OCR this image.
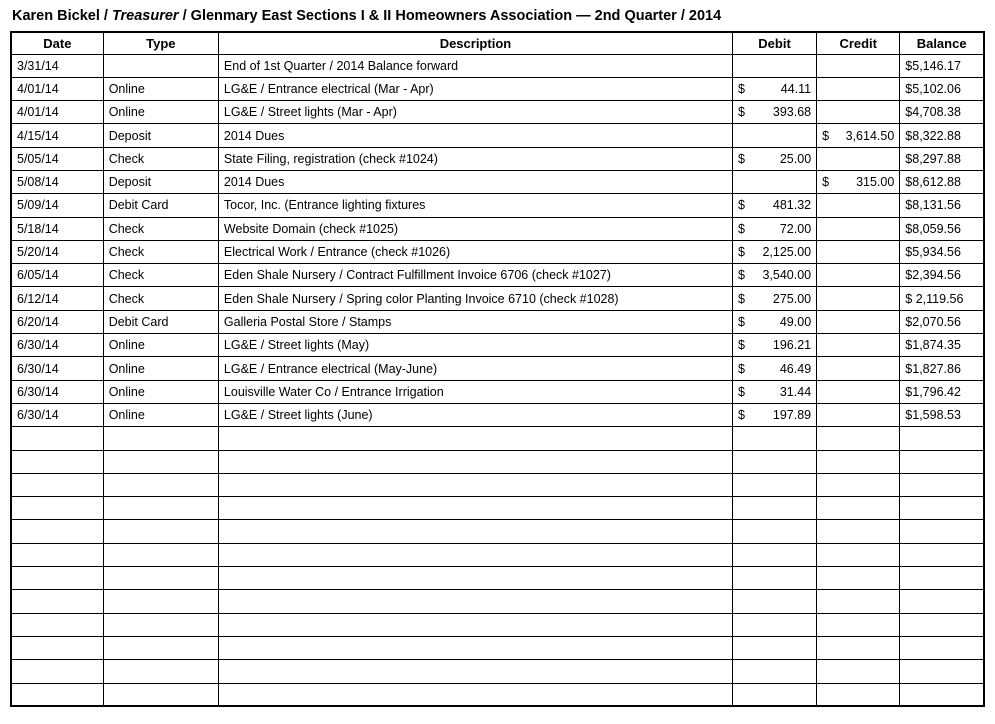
Karen Bickel / Treasurer / Glenmary East Sections I & II Homeowners Association — 2nd Quarter / 2014
Date	Type	Description	Debit	Credit	Balance
3/31/14		End of 1st Quarter / 2014 Balance forward			$5,146.17
4/01/14	Online	LG&E / Entrance electrical (Mar - Apr)	$ 44.11		$5,102.06
4/01/14	Online	LG&E / Street lights (Mar - Apr)	$ 393.68		$4,708.38
4/15/14	Deposit	2014 Dues		$ 3,614.50	$8,322.88
5/05/14	Check	State Filing, registration (check #1024)	$ 25.00		$8,297.88
5/08/14	Deposit	2014 Dues		$ 315.00	$8,612.88
5/09/14	Debit Card	Tocor, Inc. (Entrance lighting fixtures	$ 481.32		$8,131.56
5/18/14	Check	Website Domain (check #1025)	$ 72.00		$8,059.56
5/20/14	Check	Electrical Work / Entrance (check #1026)	$ 2,125.00		$5,934.56
6/05/14	Check	Eden Shale Nursery / Contract Fulfillment Invoice 6706 (check #1027)	$ 3,540.00		$2,394.56
6/12/14	Check	Eden Shale Nursery / Spring color Planting Invoice 6710 (check #1028)	$ 275.00		$ 2,119.56
6/20/14	Debit Card	Galleria Postal Store / Stamps	$ 49.00		$2,070.56
6/30/14	Online	LG&E / Street lights (May)	$ 196.21		$1,874.35
6/30/14	Online	LG&E / Entrance electrical (May-June)	$ 46.49		$1,827.86
6/30/14	Online	Louisville Water Co / Entrance Irrigation	$ 31.44		$1,796.42
6/30/14	Online	LG&E / Street lights (June)	$ 197.89		$1,598.53
